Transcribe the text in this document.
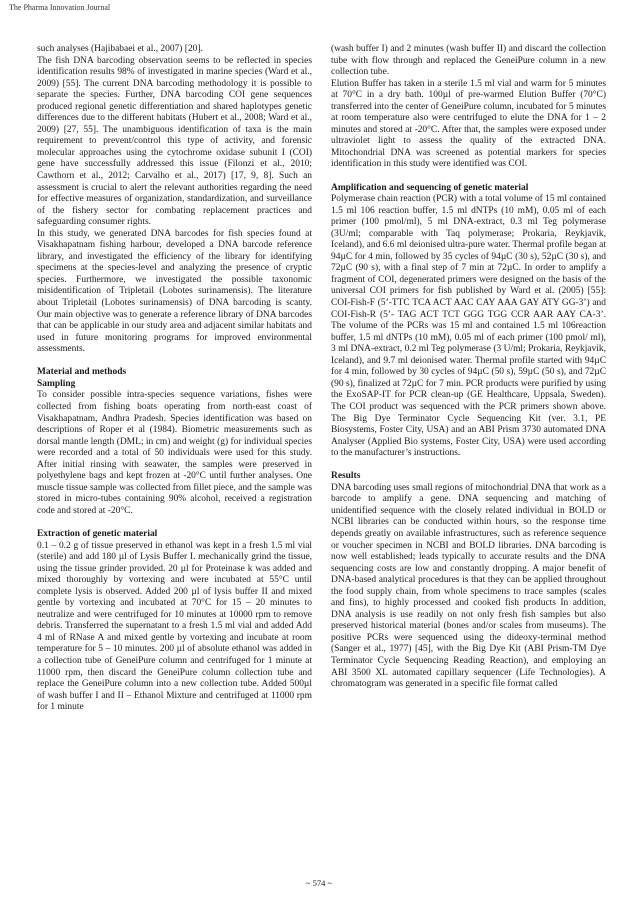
The Pharma Innovation Journal

such analyses (Hajibabaei et al., 2007) [20].

The fish DNA barcoding observation seems to be reflected in species identification results 98% of investigated in marine species (Ward et al., 2009) [55]. The current DNA barcoding methodology it is possible to separate the species. Further, DNA barcoding COI gene sequences produced regional genetic differentiation and shared haplotypes genetic differences due to the different habitats (Hubert et al., 2008; Ward et al., 2009) [27, 55]. The unambiguous identification of taxa is the main requirement to prevent/control this type of activity, and forensic molecular approaches using the cytochrome oxidase subunit I (COI) gene have successfully addressed this issue (Filonzi et al., 2010; Cawthorn et al., 2012; Carvalho et al., 2017) [17, 9, 8]. Such an assessment is crucial to alert the relevant authorities regarding the need for effective measures of organization, standardization, and surveillance of the fishery sector for combating replacement practices and safeguarding consumer rights.

In this study, we generated DNA barcodes for fish species found at Visakhapatnam fishing harbour, developed a DNA barcode reference library, and investigated the efficiency of the library for identifying specimens at the species-level and analyzing the presence of cryptic species. Furthermore, we investigated the possible taxonomic misidentification of Tripletail (Lobotes surinamensis). The literature about Tripletail (Lobotes surinamensis) of DNA barcoding is scanty. Our main objective was to generate a reference library of DNA barcodes that can be applicable in our study area and adjacent similar habitats and used in future monitoring programs for improved environmental assessments.

Material and methods
Sampling

To consider possible intra-species sequence variations, fishes were collected from fishing boats operating from north-east coast of Visakhapatnam, Andhra Pradesh. Species identification was based on descriptions of Roper et al (1984). Biometric measurements such as dorsal mantle length (DML; in cm) and weight (g) for individual species were recorded and a total of 50 individuals were used for this study. After initial rinsing with seawater, the samples were preserved in polyethylene bags and kept frozen at -20°C until further analyses. One muscle tissue sample was collected from fillet piece, and the sample was stored in micro-tubes containing 90% alcohol, received a registration code and stored at -20°C.

Extraction of genetic material

0.1 – 0.2 g of tissue preserved in ethanol was kept in a fresh 1.5 ml vial (sterile) and add 180 µl of Lysis Buffer I. mechanically grind the tissue, using the tissue grinder provided. 20 µl for Proteinase k was added and mixed thoroughly by vortexing and were incubated at 55°C until complete lysis is observed. Added 200 µl of lysis buffer II and mixed gentle by vortexing and incubated at 70°C for 15 – 20 minutes to neutralize and were centrifuged for 10 minutes at 10000 rpm to remove debris. Transferred the supernatant to a fresh 1.5 ml vial and added Add 4 ml of RNase A and mixed gentle by vortexing and incubate at room temperature for 5 – 10 minutes. 200 µl of absolute ethanol was added in a collection tube of GeneiPure column and centrifuged for 1 minute at 11000 rpm, then discard the GeneiPure column collection tube and replace the GeneiPure column into a new collection tube. Added 500µl of wash buffer I and II – Ethanol Mixture and centrifuged at 11000 rpm for 1 minute

(wash buffer I) and 2 minutes (wash buffer II) and discard the collection tube with flow through and replaced the GeneiPure column in a new collection tube.

Elution Buffer has taken in a sterile 1.5 ml vial and warm for 5 minutes at 70°C in a dry bath. 100µl of pre-warmed Elution Buffer (70°C) transferred into the center of GeneiPure column, incubated for 5 minutes at room temperature also were centrifuged to elute the DNA for 1 – 2 minutes and stored at -20°C. After that, the samples were exposed under ultraviolet light to assess the quality of the extracted DNA. Mitochondrial DNA was screened as potential markers for species identification in this study were identified was COI.

Amplification and sequencing of genetic material

Polymerase chain reaction (PCR) with a total volume of 15 ml contained 1.5 ml 106 reaction buffer, 1.5 ml dNTPs (10 mM), 0.05 ml of each primer (100 pmol/ml), 5 ml DNA-extract, 0.3 ml Teg polymerase (3U/ml; comparable with Taq polymerase; Prokaria, Reykjavik, Iceland), and 6.6 ml deionised ultra-pure water. Thermal profile began at 94µC for 4 min, followed by 35 cycles of 94µC (30 s), 52µC (30 s), and 72µC (90 s), with a final step of 7 min at 72µC. In order to amplify a fragment of COI, degenerated primers were designed on the basis of the universal COI primers for fish published by Ward et al. (2005) [55]: COI-Fish-F (5’-TTC TCA ACT AAC CAY AAA GAY ATY GG-3’) and COI-Fish-R (5’- TAG ACT TCT GGG TGG CCR AAR AAY CA-3’. The volume of the PCRs was 15 ml and contained 1.5 ml 106reaction buffer, 1.5 ml dNTPs (10 mM), 0.05 ml of each primer (100 pmol/ ml), 3 ml DNA-extract, 0.2 ml Teg polymerase (3 U/ml; Prokaria, Reykjavik, Iceland), and 9.7 ml deionised water. Thermal profile started with 94µC for 4 min, followed by 30 cycles of 94µC (50 s), 59µC (50 s), and 72µC (90 s), finalized at 72µC for 7 min. PCR products were purified by using the ExoSAP-IT for PCR clean-up (GE Healthcare, Uppsala, Sweden). The COI product was sequenced with the PCR primers shown above. The Big Dye Terminator Cycle Sequencing Kit (ver. 3.1, PE Biosystems, Foster City, USA) and an ABI Prism 3730 automated DNA Analyser (Applied Bio systems, Foster City, USA) were used according to the manufacturer’s instructions.

Results

DNA barcoding uses small regions of mitochondrial DNA that work as a barcode to amplify a gene. DNA sequencing and matching of unidentified sequence with the closely related individual in BOLD or NCBI libraries can be conducted within hours, so the response time depends greatly on available infrastructures, such as reference sequence or voucher specimen in NCBI and BOLD libraries. DNA barcoding is now well established; leads typically to accurate results and the DNA sequencing costs are low and constantly dropping. A major benefit of DNA-based analytical procedures is that they can be applied throughout the food supply chain, from whole specimens to trace samples (scales and fins), to highly processed and cooked fish products In addition, DNA analysis is use readily on not only fresh fish samples but also preserved historical material (bones and/or scales from museums). The positive PCRs were sequenced using the dideoxy-terminal method (Sanger et al., 1977) [45], with the Big Dye Kit (ABI Prism-TM Dye Terminator Cycle Sequencing Reading Reaction), and employing an ABI 3500 XL automated capillary sequencer (Life Technologies). A chromatogram was generated in a specific file format called

~ 574 ~
